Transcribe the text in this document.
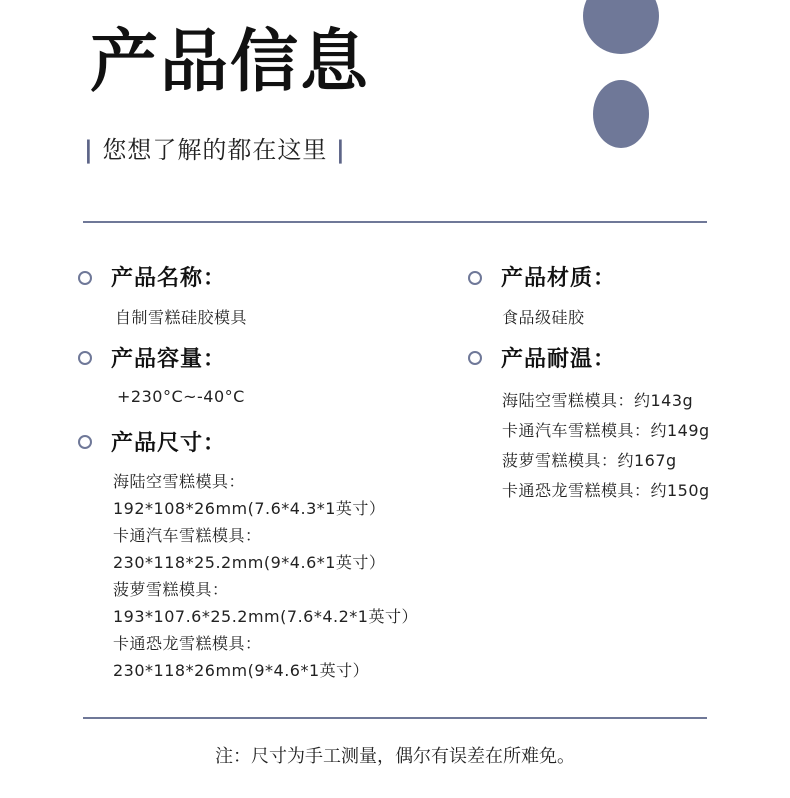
产品信息
| 您想了解的都在这里 |
产品名称：
自制雪糕硅胶模具
产品容量：
+230°C~-40°C
产品尺寸：
海陆空雪糕模具：
192*108*26mm(7.6*4.3*1英寸）
卡通汽车雪糕模具：
230*118*25.2mm(9*4.6*1英寸）
菠萝雪糕模具：
193*107.6*25.2mm(7.6*4.2*1英寸）
卡通恐龙雪糕模具：
230*118*26mm(9*4.6*1英寸）
产品材质：
食品级硅胶
产品耐温：
海陆空雪糕模具：约143g
卡通汽车雪糕模具：约149g
菠萝雪糕模具：约167g
卡通恐龙雪糕模具：约150g
注：尺寸为手工测量，偶尔有误差在所难免。
